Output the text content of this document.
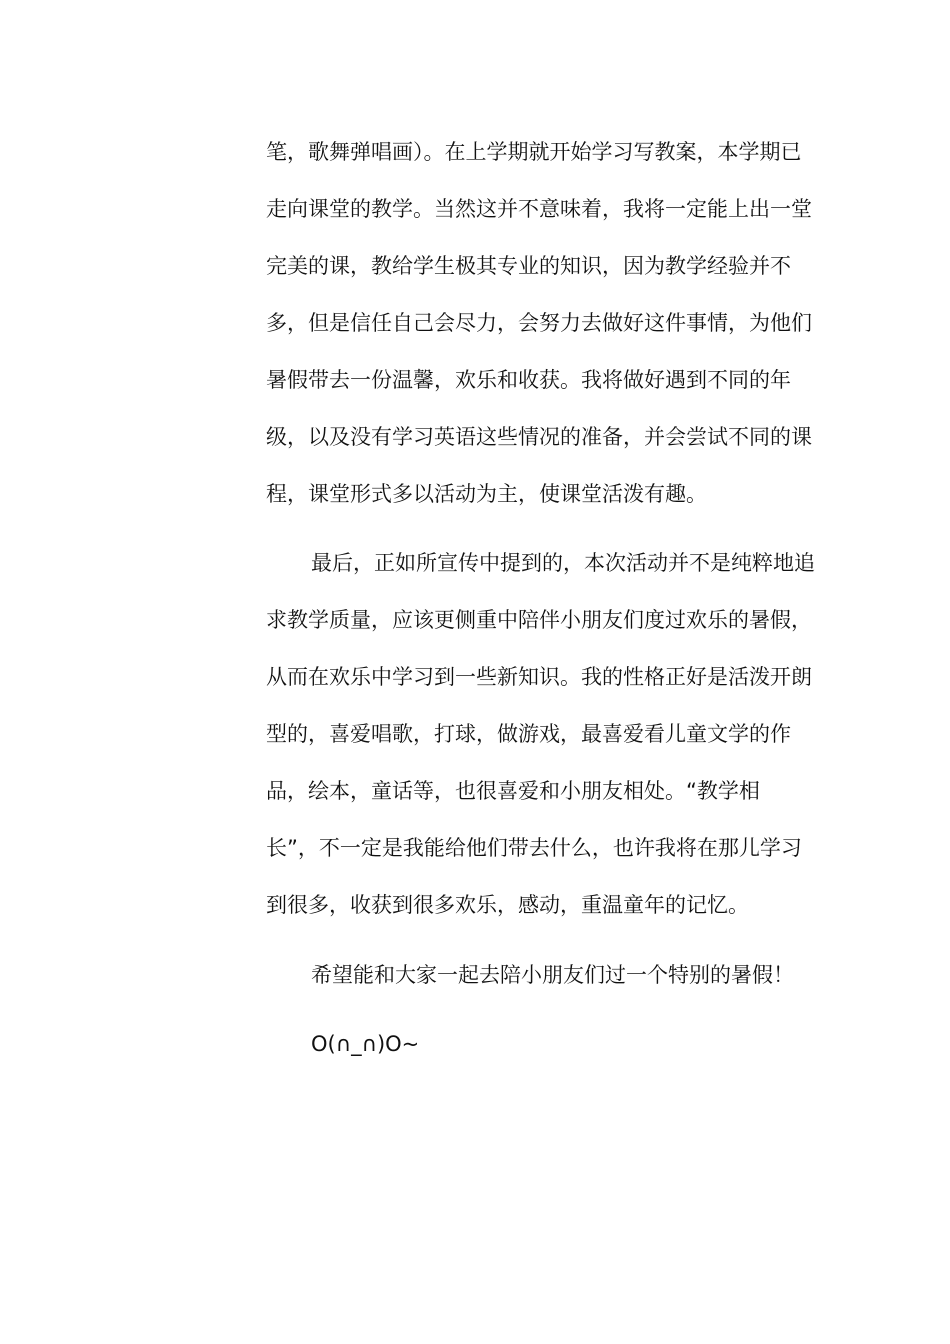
笔，歌舞弹唱画）。在上学期就开始学习写教案，本学期已
走向课堂的教学。当然这并不意味着，我将一定能上出一堂
完美的课，教给学生极其专业的知识，因为教学经验并不
多，但是信任自己会尽力，会努力去做好这件事情，为他们
暑假带去一份温馨，欢乐和收获。我将做好遇到不同的年
级，以及没有学习英语这些情况的准备，并会尝试不同的课
程，课堂形式多以活动为主，使课堂活泼有趣。
最后，正如所宣传中提到的，本次活动并不是纯粹地追
求教学质量，应该更侧重中陪伴小朋友们度过欢乐的暑假，
从而在欢乐中学习到一些新知识。我的性格正好是活泼开朗
型的，喜爱唱歌，打球，做游戏，最喜爱看儿童文学的作
品，绘本，童话等，也很喜爱和小朋友相处。“教学相
长”，不一定是我能给他们带去什么，也许我将在那儿学习
到很多，收获到很多欢乐，感动，重温童年的记忆。
希望能和大家一起去陪小朋友们过一个特别的暑假！
O(∩_∩)O~
